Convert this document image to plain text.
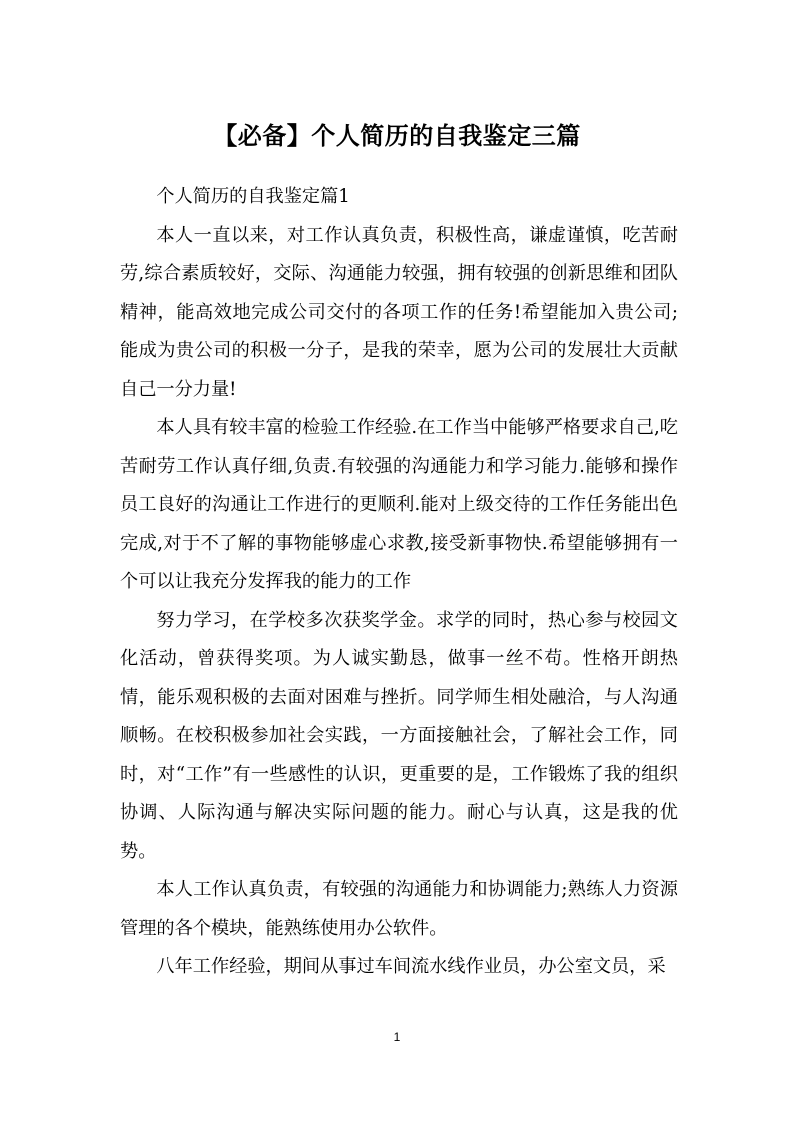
【必备】个人简历的自我鉴定三篇

个人简历的自我鉴定篇1

本人一直以来，对工作认真负责，积极性高，谦虚谨慎，吃苦耐劳,综合素质较好，交际、沟通能力较强，拥有较强的创新思维和团队精神，能高效地完成公司交付的各项工作的任务!希望能加入贵公司;能成为贵公司的积极一分子，是我的荣幸，愿为公司的发展壮大贡献自己一分力量!

本人具有较丰富的检验工作经验.在工作当中能够严格要求自己,吃苦耐劳工作认真仔细,负责.有较强的沟通能力和学习能力.能够和操作员工良好的沟通让工作进行的更顺利.能对上级交待的工作任务能出色完成,对于不了解的事物能够虚心求教,接受新事物快.希望能够拥有一个可以让我充分发挥我的能力的工作

努力学习，在学校多次获奖学金。求学的同时，热心参与校园文化活动，曾获得奖项。为人诚实勤恳，做事一丝不苟。性格开朗热情，能乐观积极的去面对困难与挫折。同学师生相处融洽，与人沟通顺畅。在校积极参加社会实践，一方面接触社会，了解社会工作，同时，对“工作”有一些感性的认识，更重要的是，工作锻炼了我的组织协调、人际沟通与解决实际问题的能力。耐心与认真，这是我的优势。

本人工作认真负责，有较强的沟通能力和协调能力;熟练人力资源管理的各个模块，能熟练使用办公软件。

八年工作经验，期间从事过车间流水线作业员，办公室文员，采

1
